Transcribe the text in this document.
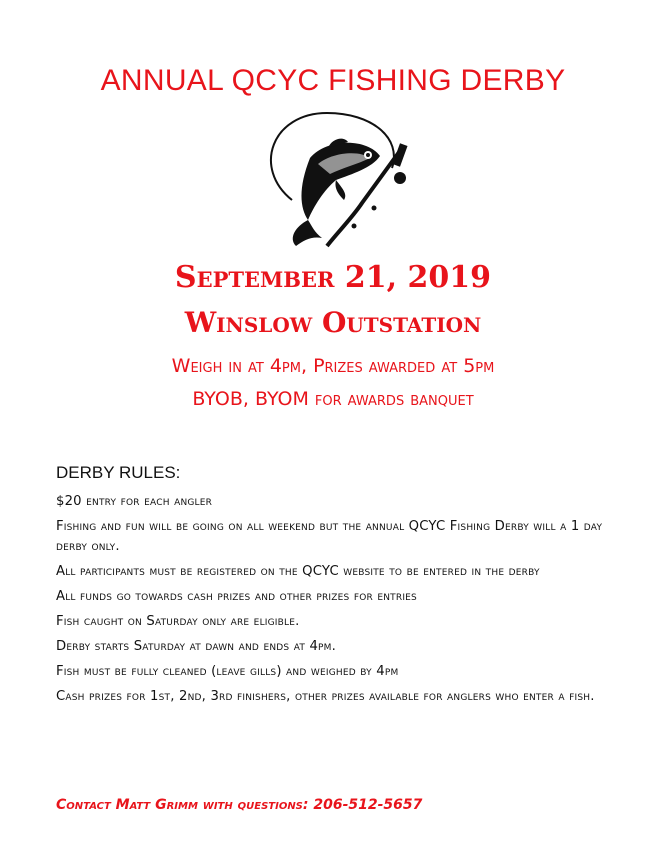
ANNUAL QCYC FISHING DERBY
September 21, 2019
Winslow Outstation
Weigh in at 4pm, Prizes awarded at 5pm
BYOB, BYOM for awards banquet
DERBY RULES:
$20 entry for each angler
Fishing and fun will be going on all weekend but the annual QCYC Fishing Derby will a 1 day derby only.
All participants must be registered on the QCYC website to be entered in the derby
All funds go towards cash prizes and other prizes for entries
Fish caught on Saturday only are eligible.
Derby starts Saturday at dawn and ends at 4pm.
Fish must be fully cleaned (leave gills) and weighed by 4pm
Cash prizes for 1st, 2nd, 3rd finishers, other prizes available for anglers who enter a fish.
Contact Matt Grimm with questions: 206-512-5657
